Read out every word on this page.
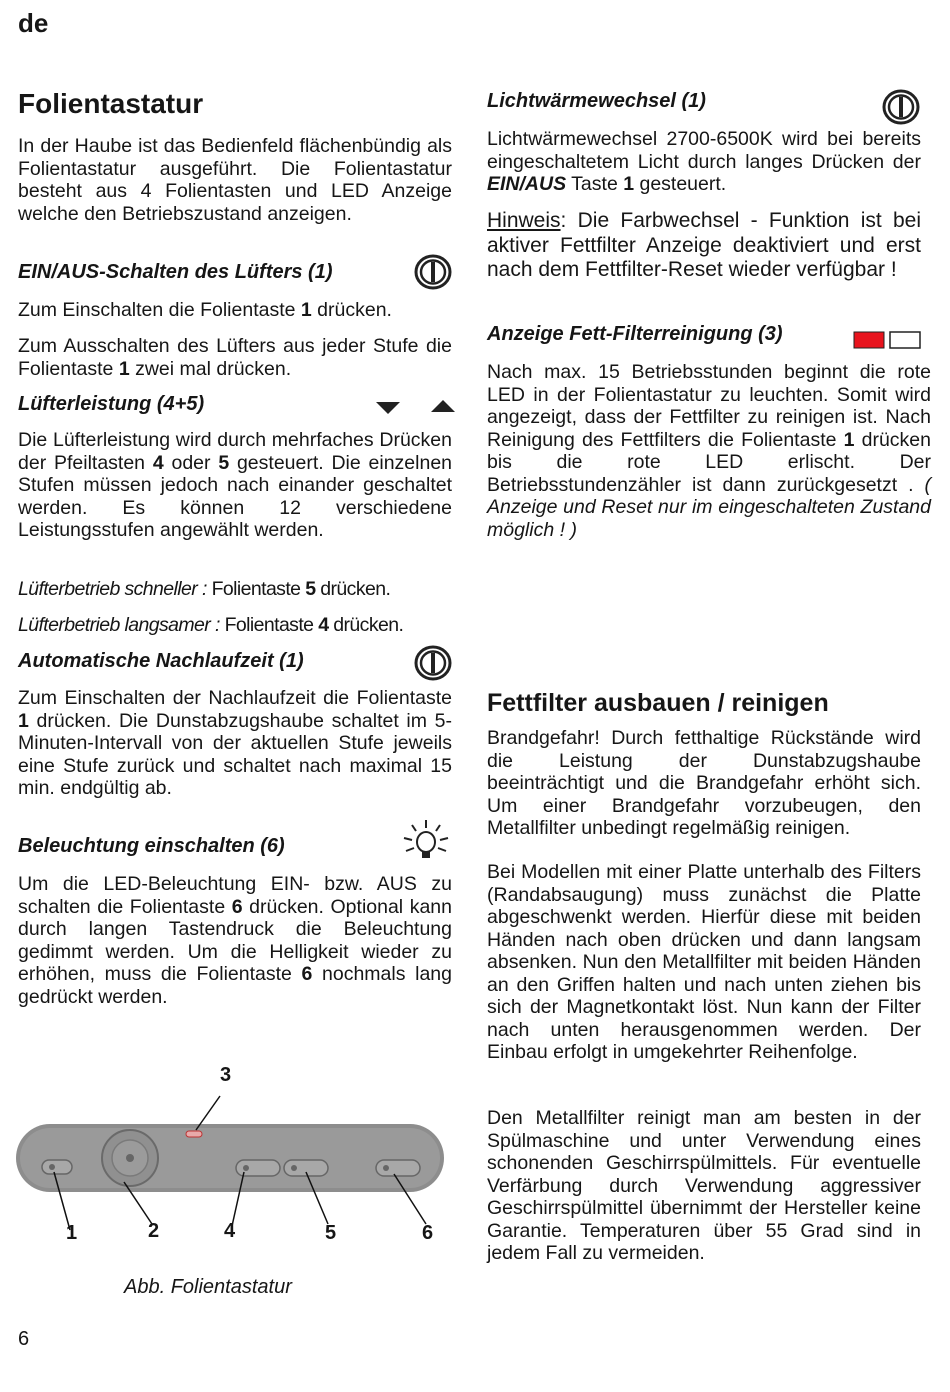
de
Folientastatur

In der Haube ist das Bedienfeld flächenbündig als Folientastatur ausgeführt. Die Folientastatur besteht aus 4 Folientasten und LED Anzeige welche den Betriebszustand anzeigen.

EIN/AUS-Schalten des Lüfters (1)

Zum Einschalten die Folientaste 1 drücken.

Zum Ausschalten des Lüfters aus jeder Stufe die Folientaste 1 zwei mal drücken.

Lüfterleistung (4+5)

Die Lüfterleistung wird durch mehrfaches Drücken der Pfeiltasten 4 oder 5 gesteuert. Die einzelnen Stufen müssen jedoch nach einander geschaltet werden. Es können 12 verschiedene Leistungsstufen angewählt werden.

Lüfterbetrieb schneller : Folientaste 5 drücken.

Lüfterbetrieb langsamer : Folientaste 4 drücken.

Automatische Nachlaufzeit (1)

Zum Einschalten der Nachlaufzeit die Folientaste 1 drücken. Die Dunstabzugshaube schaltet im 5-Minuten-Intervall von der aktuellen Stufe jeweils eine Stufe zurück und schaltet nach maximal 15 min. endgültig ab.

Beleuchtung einschalten (6)

Um die LED-Beleuchtung EIN- bzw. AUS zu schalten die Folientaste 6 drücken. Optional kann durch langen Tastendruck die Beleuchtung gedimmt werden. Um die Helligkeit wieder zu erhöhen, muss die Folientaste 6 nochmals lang gedrückt werden.

1	2
3
4	5	6
Abb. Folientastatur
Lichtwärmewechsel (1)

Lichtwärmewechsel 2700-6500K wird bei bereits eingeschaltetem Licht durch langes Drücken der EIN/AUS Taste 1 gesteuert.

Hinweis: Die Farbwechsel - Funktion ist bei aktiver Fettfilter Anzeige deaktiviert und erst nach dem Fettfilter-Reset wieder verfügbar !

Anzeige Fett-Filterreinigung (3)

Nach max. 15 Betriebsstunden beginnt die rote LED in der Folientastatur zu leuchten. Somit wird angezeigt, dass der Fettfilter zu reinigen ist. Nach Reinigung des Fettfilters die Folientaste 1 drücken bis die rote LED erlischt. Der Betriebsstundenzähler ist dann zurückgesetzt . ( Anzeige und Reset nur im eingeschalteten Zustand möglich ! )

Fettfilter ausbauen / reinigen

Brandgefahr! Durch fetthaltige Rückstände wird die Leistung der Dunstabzugshaube beeinträchtigt und die Brandgefahr erhöht sich. Um einer Brandgefahr vorzubeugen, den Metallfilter unbedingt regelmäßig reinigen.

Bei Modellen mit einer Platte unterhalb des Filters (Randabsaugung) muss zunächst die Platte abgeschwenkt werden. Hierfür diese mit beiden Händen nach oben drücken und dann langsam absenken. Nun den Metallfilter mit beiden Händen an den Griffen halten und nach unten ziehen bis sich der Magnetkontakt löst. Nun kann der Filter nach unten herausgenommen werden. Der Einbau erfolgt in umgekehrter Reihenfolge.

Den Metallfilter reinigt man am besten in der Spülmaschine und unter Verwendung eines schonenden Geschirrspülmittels. Für eventuelle Verfärbung durch Verwendung aggressiver Geschirrspülmittel übernimmt der Hersteller keine Garantie. Temperaturen über 55 Grad sind in jedem Fall zu vermeiden.

6
